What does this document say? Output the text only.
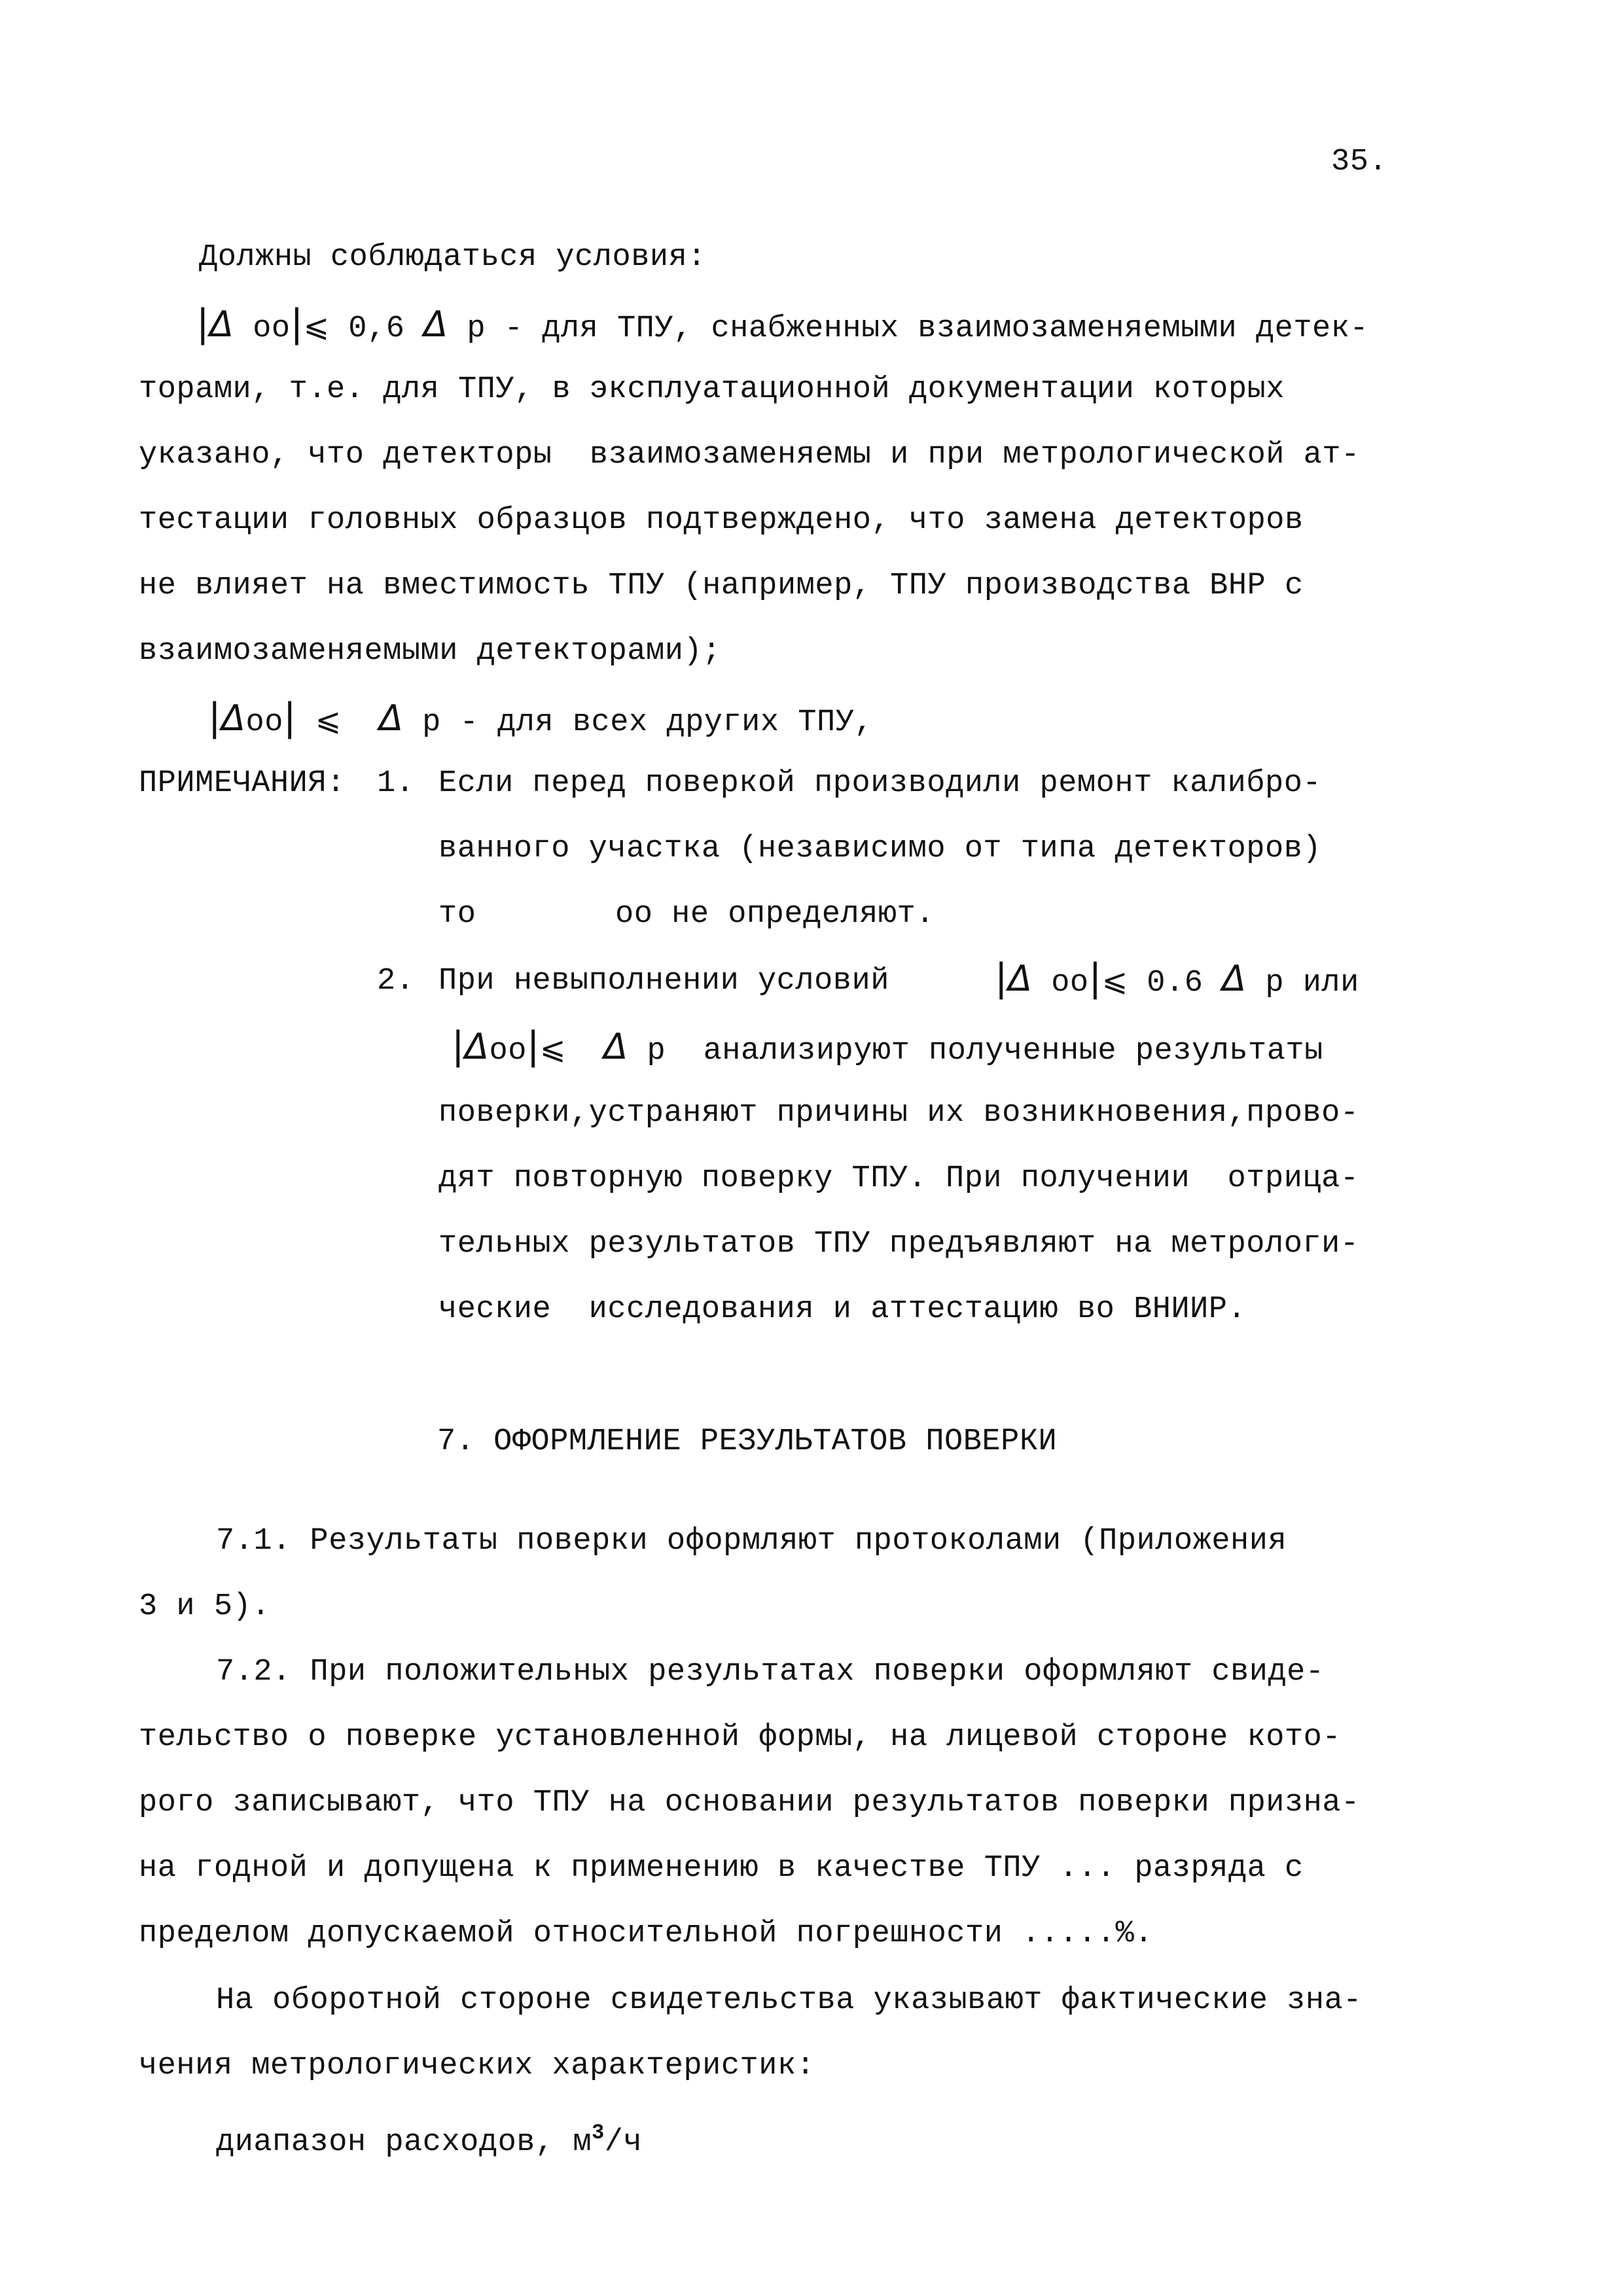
35.

Должны соблюдаться условия:

|Δ оо|⩽ 0,6 Δ р - для ТПУ, снабженных взаимозаменяемыми детек-

торами, т.е. для ТПУ, в эксплуатационной документации которых

указано, что детекторы  взаимозаменяемы и при метрологической ат-

тестации головных образцов подтверждено, что замена детекторов

не влияет на вместимость ТПУ (например, ТПУ производства ВНР с

взаимозаменяемыми детекторами);

|Δоо| ⩽ Δ р - для всех других ТПУ,

ПРИМЕЧАНИЯ: 1. Если перед поверкой производили ремонт калибро-

ванного участка (независимо от типа детекторов)

то	оо не определяют.

2. При невыполнении условий	|Δ оо|⩽ 0.6 Δ р или

|Δоо|⩽ Δ р анализируют полученные результаты

поверки,устраняют причины их возникновения,прово-

дят повторную поверку ТПУ. При получении  отрица-

тельных результатов ТПУ предъявляют на метрологи-

ческие  исследования и аттестацию во ВНИИР.

7. ОФОРМЛЕНИЕ РЕЗУЛЬТАТОВ ПОВЕРКИ

7.1. Результаты поверки оформляют протоколами (Приложения

3 и 5).

7.2. При положительных результатах поверки оформляют свиде-

тельство о поверке установленной формы, на лицевой стороне кото-

рого записывают, что ТПУ на основании результатов поверки призна-

на годной и допущена к применению в качестве ТПУ ... разряда с

пределом допускаемой относительной погрешности .....%.

На оборотной стороне свидетельства указывают фактические зна-

чения метрологических характеристик:

диапазон расходов, $м^3/ч$
